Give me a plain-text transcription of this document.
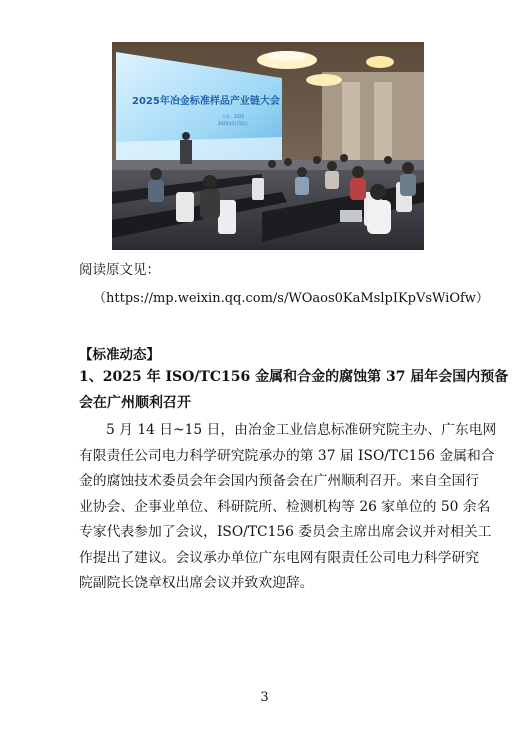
2025年冶金标准样品产业链大会
主办：2025
2025年5月15日
阅读原文见：
（https://mp.weixin.qq.com/s/WOaos0KaMslpIKpVsWiOfw）
【标准动态】
1、2025 年 ISO/TC156 金属和合金的腐蚀第 37 届年会国内预备
会在广州顺利召开
5 月 14 日~15 日，由冶金工业信息标准研究院主办、广东电网
有限责任公司电力科学研究院承办的第 37 届 ISO/TC156 金属和合
金的腐蚀技术委员会年会国内预备会在广州顺利召开。来自全国行
业协会、企事业单位、科研院所、检测机构等 26 家单位的 50 余名
专家代表参加了会议，ISO/TC156 委员会主席出席会议并对相关工
作提出了建议。会议承办单位广东电网有限责任公司电力科学研究
院副院长饶章权出席会议并致欢迎辞。
3
